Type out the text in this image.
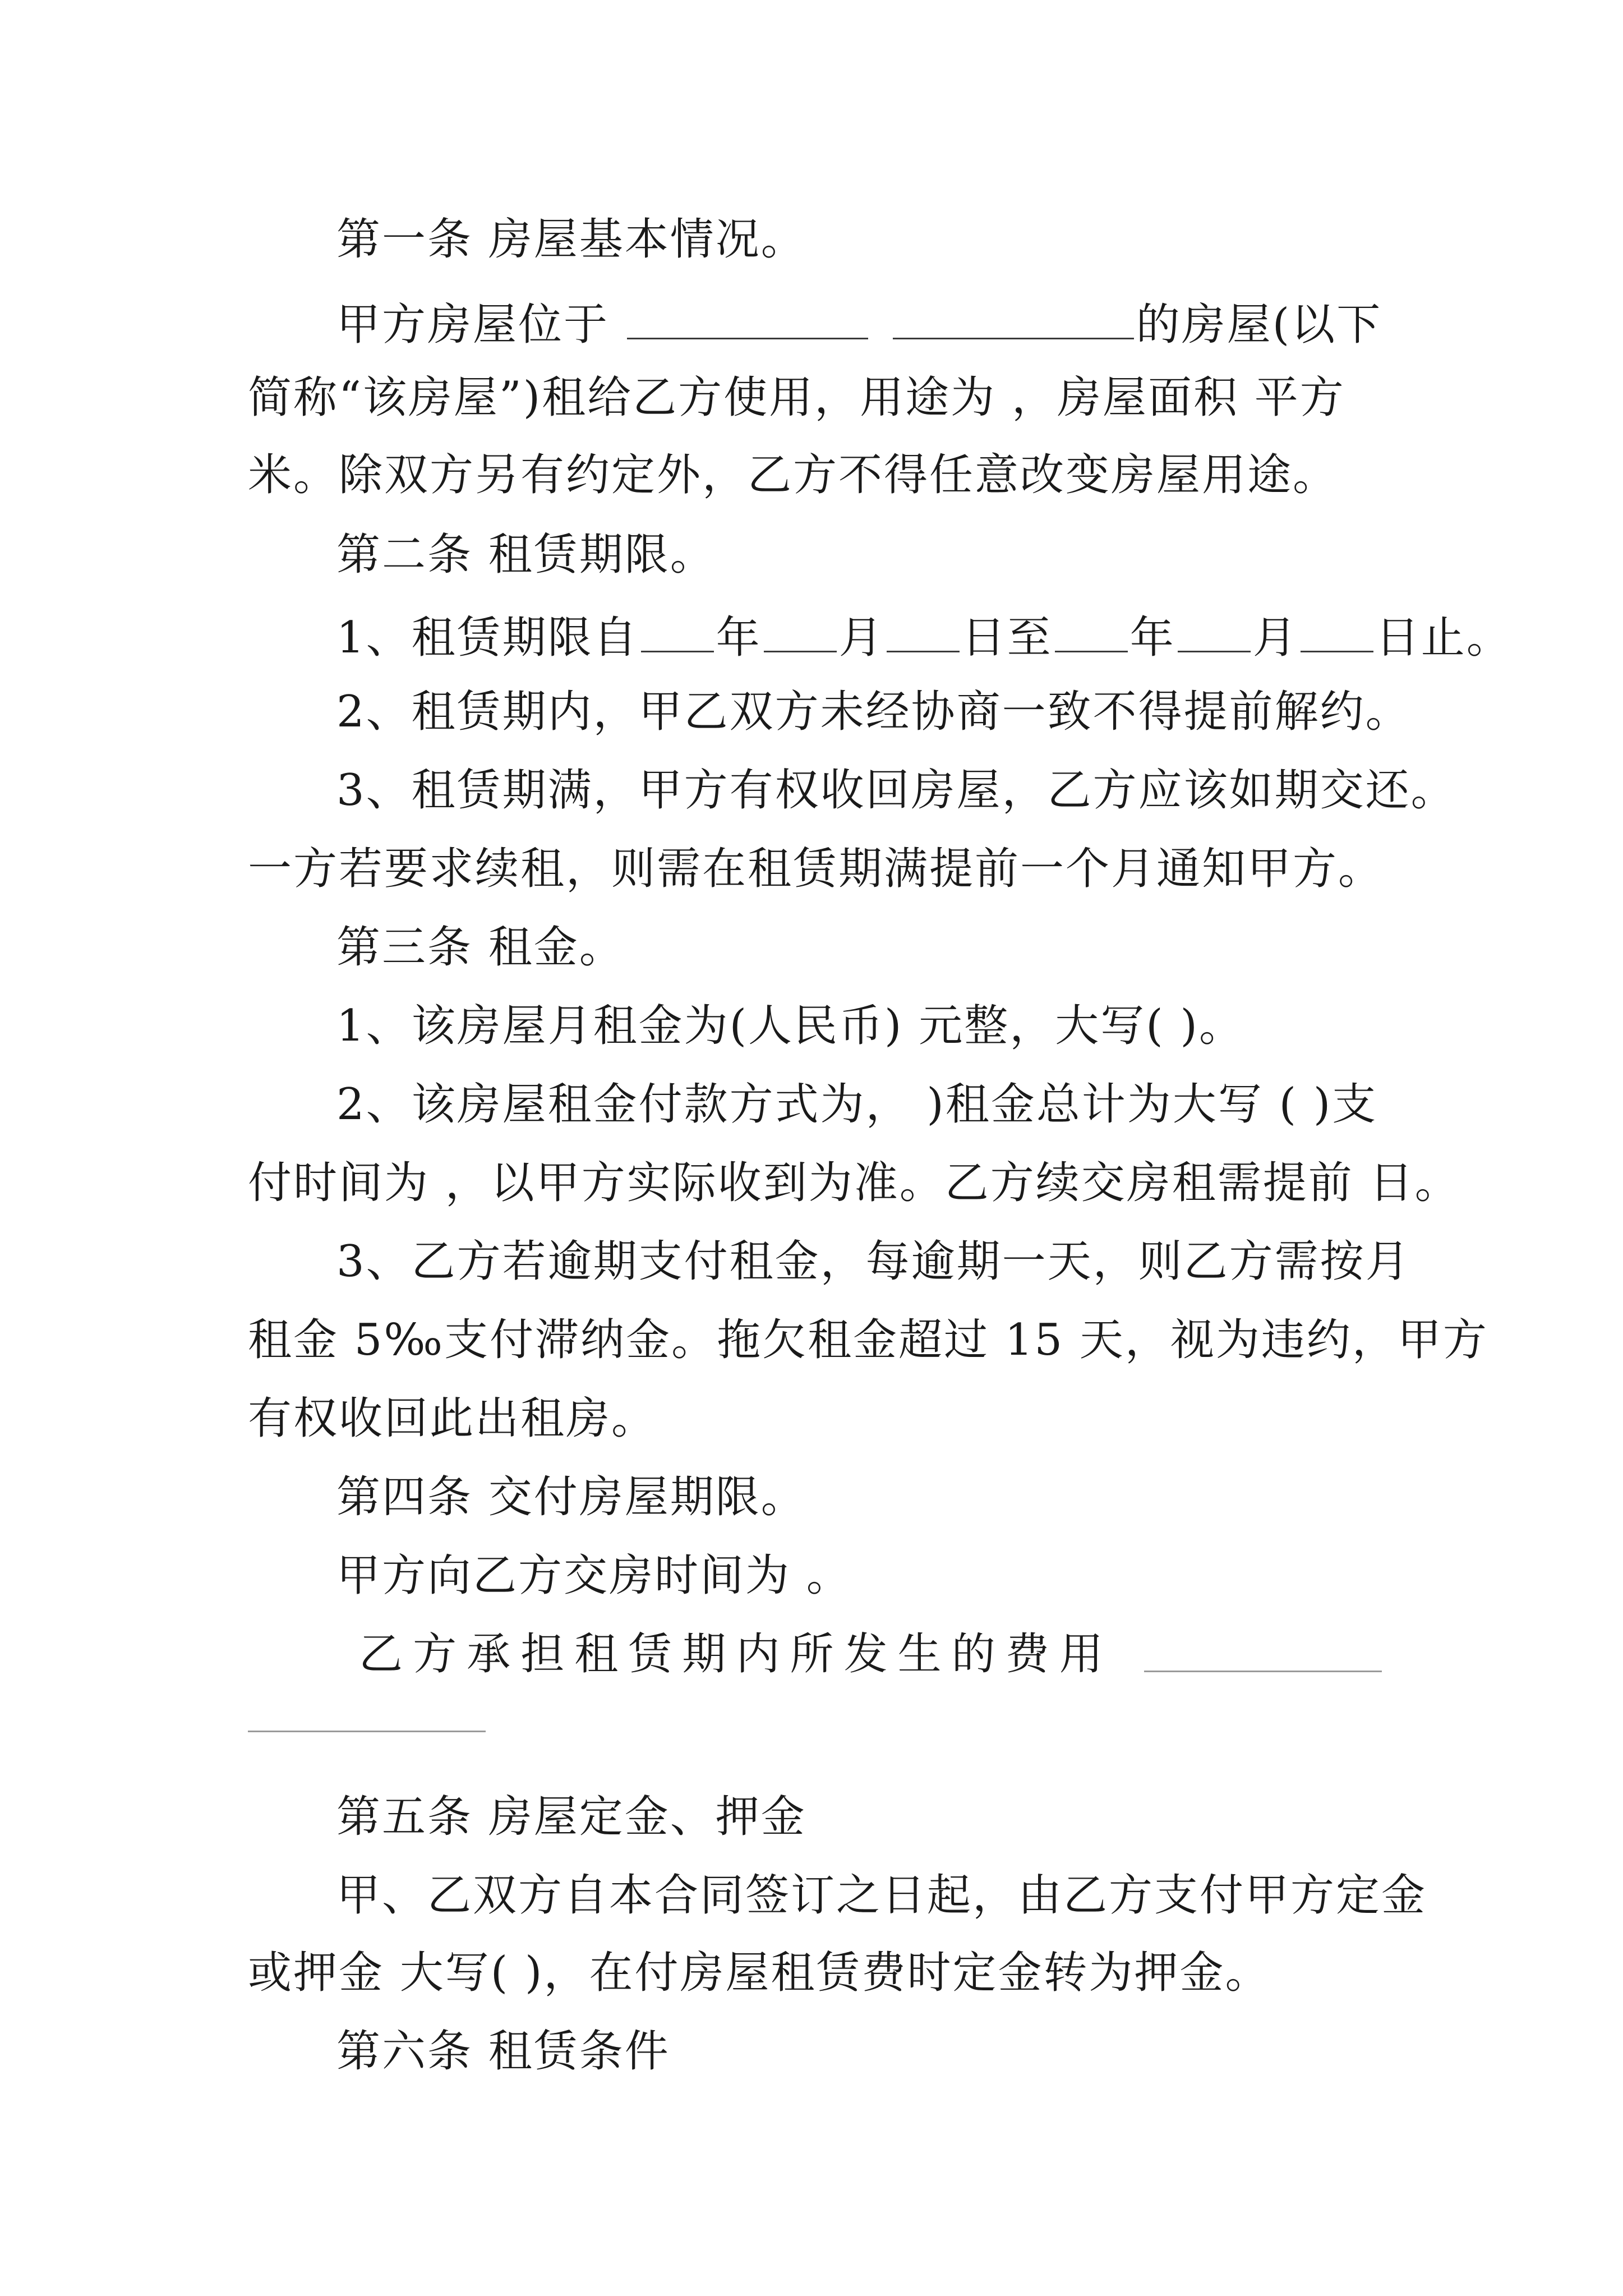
第一条 房屋基本情况。
甲方房屋位于	的房屋(以下
简称“该房屋”)租给乙方使用，用途为 ，房屋面积 平方
米。除双方另有约定外，乙方不得任意改变房屋用途。
第二条 租赁期限。
1、租赁期限自 年 月 日至 年 月 日止。
2、租赁期内，甲乙双方未经协商一致不得提前解约。
3、租赁期满，甲方有权收回房屋，乙方应该如期交还。
一方若要求续租，则需在租赁期满提前一个月通知甲方。
第三条 租金。
1、该房屋月租金为(人民币) 元整，大写( )。
2、该房屋租金付款方式为， )租金总计为大写 ( )支
付时间为 ，以甲方实际收到为准。乙方续交房租需提前 日。
3、乙方若逾期支付租金，每逾期一天，则乙方需按月
租金 5‰支付滞纳金。拖欠租金超过 15 天，视为违约，甲方
有权收回此出租房。
第四条 交付房屋期限。
甲方向乙方交房时间为 。
乙 方 承 担 租 赁 期 内 所 发 生 的 费 用
第五条 房屋定金、押金
甲、乙双方自本合同签订之日起，由乙方支付甲方定金
或押金 大写( )，在付房屋租赁费时定金转为押金。
第六条 租赁条件
